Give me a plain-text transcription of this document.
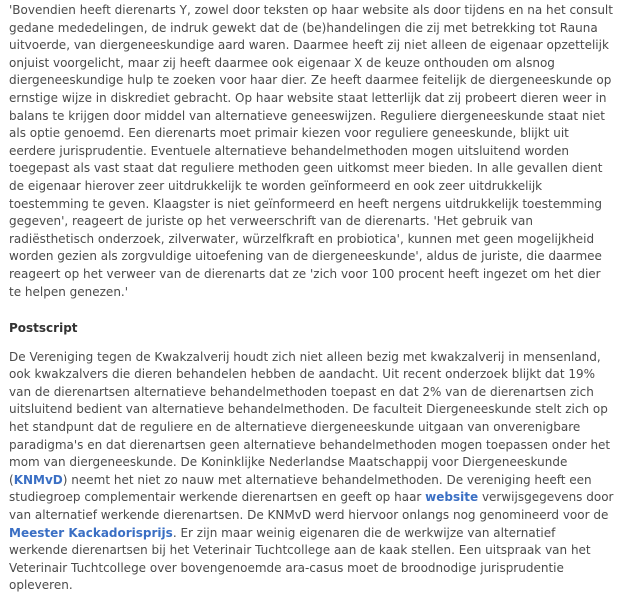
'Bovendien heeft dierenarts Y, zowel door teksten op haar website als door tijdens en na het consult gedane mededelingen, de indruk gewekt dat de (be)handelingen die zij met betrekking tot Rauna uitvoerde, van diergeneeskundige aard waren. Daarmee heeft zij niet alleen de eigenaar opzettelijk onjuist voorgelicht, maar zij heeft daarmee ook eigenaar X de keuze onthouden om alsnog diergeneeskundige hulp te zoeken voor haar dier. Ze heeft daarmee feitelijk de diergeneeskunde op ernstige wijze in diskrediet gebracht. Op haar website staat letterlijk dat zij probeert dieren weer in balans te krijgen door middel van alternatieve geneeswijzen. Reguliere diergeneeskunde staat niet als optie genoemd. Een dierenarts moet primair kiezen voor reguliere geneeskunde, blijkt uit eerdere jurisprudentie. Eventuele alternatieve behandelmethoden mogen uitsluitend worden toegepast als vast staat dat reguliere methoden geen uitkomst meer bieden. In alle gevallen dient de eigenaar hierover zeer uitdrukkelijk te worden geïnformeerd en ook zeer uitdrukkelijk toestemming te geven. Klaagster is niet geïnformeerd en heeft nergens uitdrukkelijk toestemming gegeven', reageert de juriste op het verweerschrift van de dierenarts. 'Het gebruik van radiësthetisch onderzoek, zilverwater, würzelfkraft en probiotica', kunnen met geen mogelijkheid worden gezien als zorgvuldige uitoefening van de diergeneeskunde', aldus de juriste, die daarmee reageert op het verweer van de dierenarts dat ze 'zich voor 100 procent heeft ingezet om het dier te helpen genezen.'

Postscript

De Vereniging tegen de Kwakzalverij houdt zich niet alleen bezig met kwakzalverij in mensenland, ook kwakzalvers die dieren behandelen hebben de aandacht. Uit recent onderzoek blijkt dat 19% van de dierenartsen alternatieve behandelmethoden toepast en dat 2% van de dierenartsen zich uitsluitend bedient van alternatieve behandelmethoden. De faculteit Diergeneeskunde stelt zich op het standpunt dat de reguliere en de alternatieve diergeneeskunde uitgaan van onverenigbare paradigma's en dat dierenartsen geen alternatieve behandelmethoden mogen toepassen onder het mom van diergeneeskunde. De Koninklijke Nederlandse Maatschappij voor Diergeneeskunde (KNMvD) neemt het niet zo nauw met alternatieve behandelmethoden. De vereniging heeft een studiegroep complementair werkende dierenartsen en geeft op haar website verwijsgegevens door van alternatief werkende dierenartsen. De KNMvD werd hiervoor onlangs nog genomineerd voor de Meester Kackadorisprijs. Er zijn maar weinig eigenaren die de werkwijze van alternatief werkende dierenartsen bij het Veterinair Tuchtcollege aan de kaak stellen. Een uitspraak van het Veterinair Tuchtcollege over bovengenoemde ara-casus moet de broodnodige jurisprudentie opleveren.
